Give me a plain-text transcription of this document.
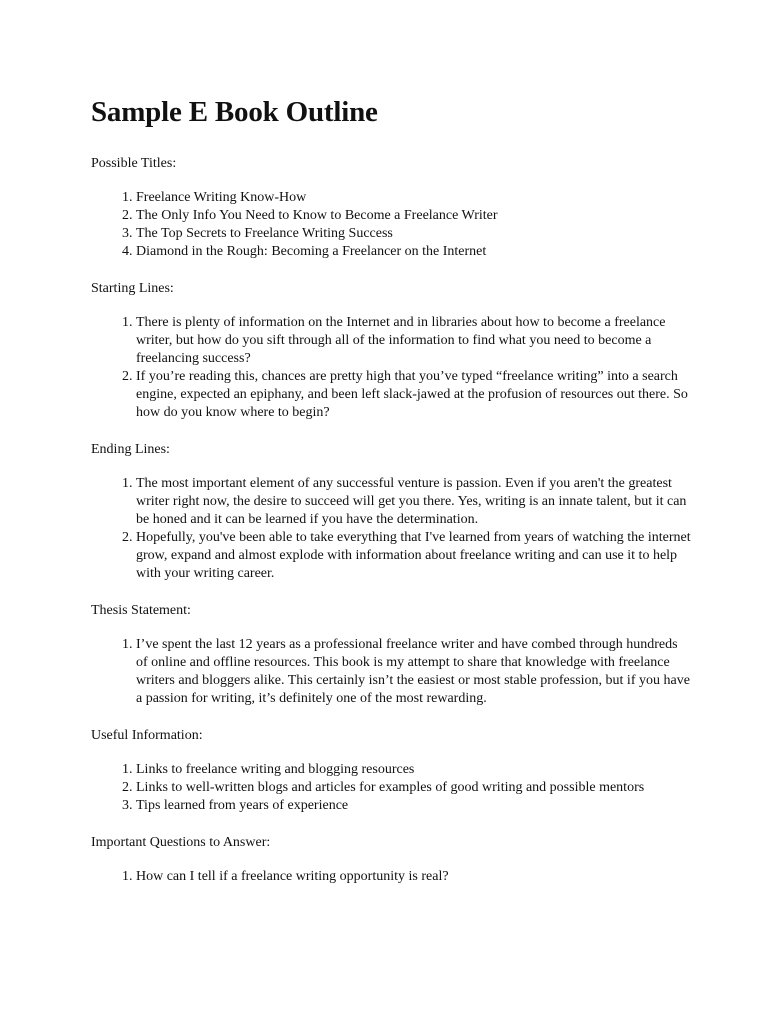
Sample E Book Outline

Possible Titles:

1. Freelance Writing Know-How
2. The Only Info You Need to Know to Become a Freelance Writer
3. The Top Secrets to Freelance Writing Success
4. Diamond in the Rough: Becoming a Freelancer on the Internet

Starting Lines:

1. There is plenty of information on the Internet and in libraries about how to become a freelance writer, but how do you sift through all of the information to find what you need to become a freelancing success?
2. If you’re reading this, chances are pretty high that you’ve typed “freelance writing” into a search engine, expected an epiphany, and been left slack-jawed at the profusion of resources out there. So how do you know where to begin?

Ending Lines:

1. The most important element of any successful venture is passion. Even if you aren't the greatest writer right now, the desire to succeed will get you there. Yes, writing is an innate talent, but it can be honed and it can be learned if you have the determination.
2. Hopefully, you've been able to take everything that I've learned from years of watching the internet grow, expand and almost explode with information about freelance writing and can use it to help with your writing career.

Thesis Statement:

1. I’ve spent the last 12 years as a professional freelance writer and have combed through hundreds of online and offline resources. This book is my attempt to share that knowledge with freelance writers and bloggers alike. This certainly isn’t the easiest or most stable profession, but if you have a passion for writing, it’s definitely one of the most rewarding.

Useful Information:

1. Links to freelance writing and blogging resources
2. Links to well-written blogs and articles for examples of good writing and possible mentors
3. Tips learned from years of experience

Important Questions to Answer:

1. How can I tell if a freelance writing opportunity is real?
